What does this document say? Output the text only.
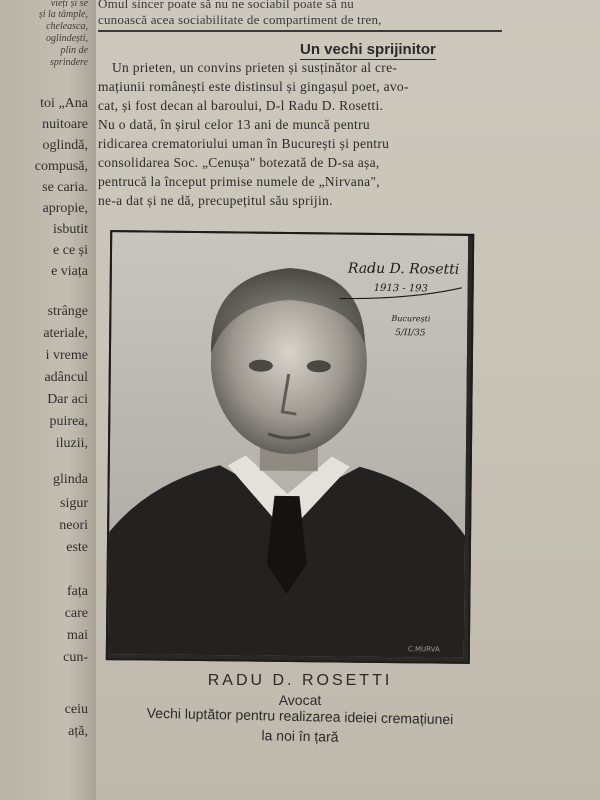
vieți și se
și la tâmple,
cheleasca,
oglindești,
plin de
sprindere
toi „Ana
nuitoare
oglindă,
compusă,
se caria.
apropie,
isbutit
e ce și
e viața
strânge
ateriale,
i vreme
adâncul
Dar aci
puirea,
iluzii,
glinda
sigur
neori
este
fața
care
mai
cun-
ceiu
ață,
Omul sincer poate să nu ne sociabil poate să nu
cunoască acea sociabilitate de compartiment de tren,
Un vechi sprijinitor
Un prieten, un convins prieten și susținător al cre-
mațiunii românești este distinsul și gingașul poet, avo-
cat, și fost decan al baroului, D-l Radu D. Rosetti.
Nu o dată, în șirul celor 13 ani de muncă pentru
ridicarea crematoriului uman în București și pentru
consolidarea Soc. „Cenușa" botezată de D-sa așa,
pentrucă la început primise numele de „Nirvana",
ne-a dat și ne dă, precupețitul său sprijin.
Radu D. Rosetti
1913 - 193_
București
5/II/35
C.MURVA
RADU D. ROSETTI
Avocat
Vechi luptător pentru realizarea ideiei cremațiunei
la noi în țară
